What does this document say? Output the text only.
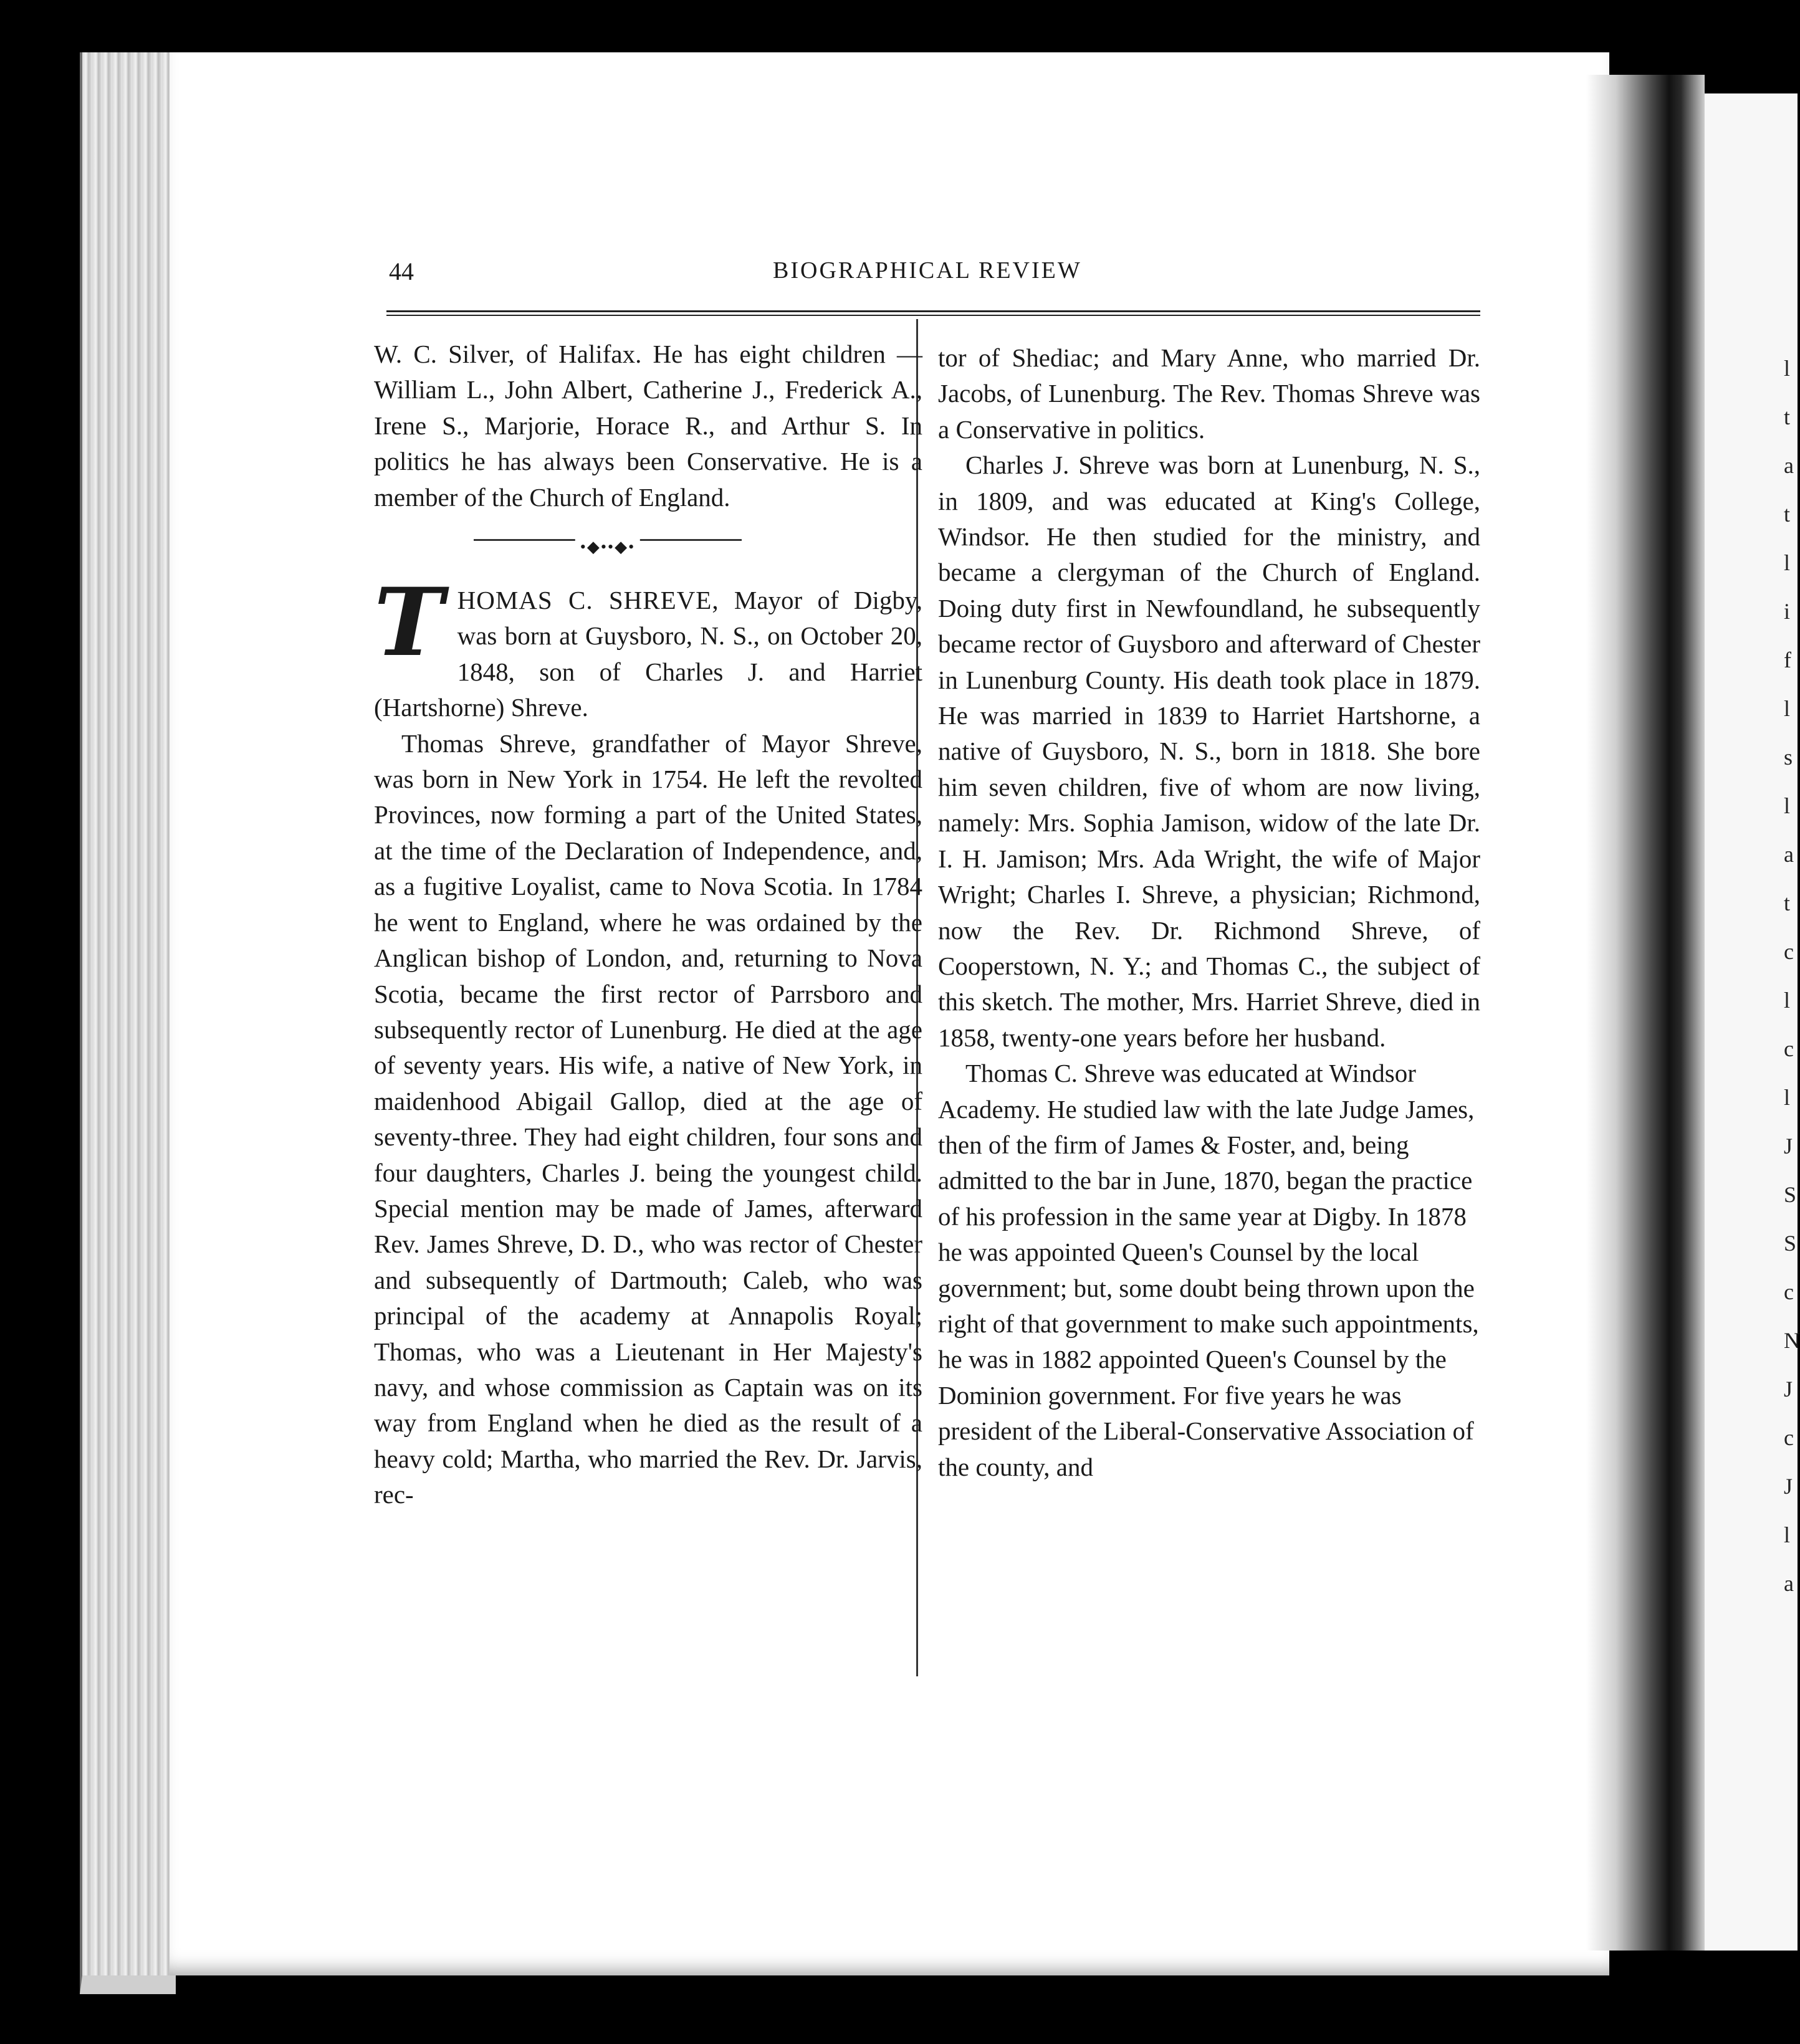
l
t
a
t
l
i
f
l
s
l
a
t
c
l
c
l
J
S
S
c
N
J
c
J
l
a
44	BIOGRAPHICAL REVIEW

W. C. Silver, of Halifax. He has eight children — William L., John Albert, Catherine J., Frederick A., Irene S., Marjorie, Horace R., and Arthur S. In politics he has always been Conservative. He is a member of the Church of England.

•◆••◆•

THOMAS C. SHREVE, Mayor of Digby, was born at Guysboro, N. S., on October 20, 1848, son of Charles J. and Harriet (Hartshorne) Shreve.

Thomas Shreve, grandfather of Mayor Shreve, was born in New York in 1754. He left the revolted Provinces, now forming a part of the United States, at the time of the Declaration of Independence, and, as a fugitive Loyalist, came to Nova Scotia. In 1784 he went to England, where he was ordained by the Anglican bishop of London, and, returning to Nova Scotia, became the first rector of Parrsboro and subsequently rector of Lunenburg. He died at the age of seventy years. His wife, a native of New York, in maidenhood Abigail Gallop, died at the age of seventy-three. They had eight children, four sons and four daughters, Charles J. being the youngest child. Special mention may be made of James, afterward Rev. James Shreve, D. D., who was rector of Chester and subsequently of Dartmouth; Caleb, who was principal of the academy at Annapolis Royal; Thomas, who was a Lieutenant in Her Majesty's navy, and whose commission as Captain was on its way from England when he died as the result of a heavy cold; Martha, who married the Rev. Dr. Jarvis, rec-

tor of Shediac; and Mary Anne, who married Dr. Jacobs, of Lunenburg. The Rev. Thomas Shreve was a Conservative in politics.

Charles J. Shreve was born at Lunenburg, N. S., in 1809, and was educated at King's College, Windsor. He then studied for the ministry, and became a clergyman of the Church of England. Doing duty first in Newfoundland, he subsequently became rector of Guysboro and afterward of Chester in Lunenburg County. His death took place in 1879. He was married in 1839 to Harriet Hartshorne, a native of Guysboro, N. S., born in 1818. She bore him seven children, five of whom are now living, namely: Mrs. Sophia Jamison, widow of the late Dr. I. H. Jamison; Mrs. Ada Wright, the wife of Major Wright; Charles I. Shreve, a physician; Richmond, now the Rev. Dr. Richmond Shreve, of Cooperstown, N. Y.; and Thomas C., the subject of this sketch. The mother, Mrs. Harriet Shreve, died in 1858, twenty-one years before her husband.

Thomas C. Shreve was educated at Windsor Academy. He studied law with the late Judge James, then of the firm of James & Foster, and, being admitted to the bar in June, 1870, began the practice of his profession in the same year at Digby. In 1878 he was appointed Queen's Counsel by the local government; but, some doubt being thrown upon the right of that government to make such appointments, he was in 1882 appointed Queen's Counsel by the Dominion government. For five years he was president of the Liberal-Conservative Association of the county, and
